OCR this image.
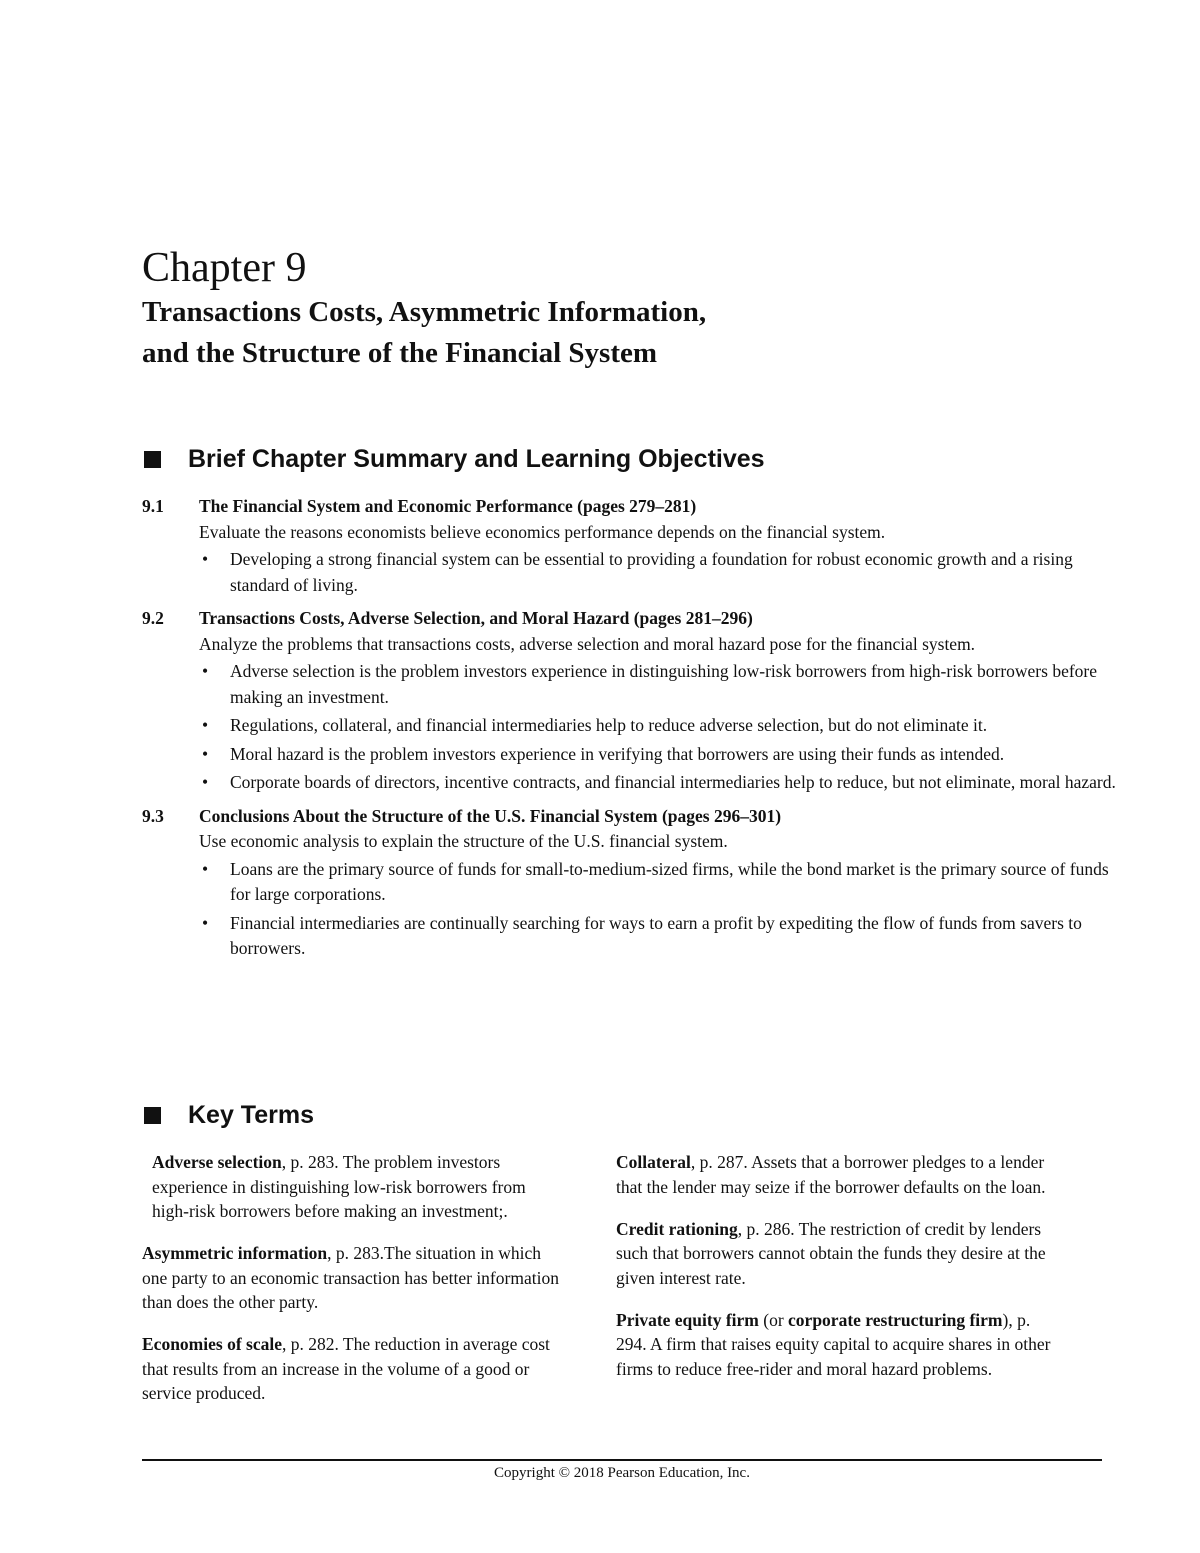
Chapter 9
Transactions Costs, Asymmetric Information,
and the Structure of the Financial System
Brief Chapter Summary and Learning Objectives
9.1 The Financial System and Economic Performance (pages 279–281)
Evaluate the reasons economists believe economics performance depends on the financial system.
• Developing a strong financial system can be essential to providing a foundation for robust economic growth and a rising standard of living.
9.2 Transactions Costs, Adverse Selection, and Moral Hazard (pages 281–296)
Analyze the problems that transactions costs, adverse selection and moral hazard pose for the financial system.
• Adverse selection is the problem investors experience in distinguishing low-risk borrowers from high-risk borrowers before making an investment.
• Regulations, collateral, and financial intermediaries help to reduce adverse selection, but do not eliminate it.
• Moral hazard is the problem investors experience in verifying that borrowers are using their funds as intended.
• Corporate boards of directors, incentive contracts, and financial intermediaries help to reduce, but not eliminate, moral hazard.
9.3 Conclusions About the Structure of the U.S. Financial System (pages 296–301)
Use economic analysis to explain the structure of the U.S. financial system.
• Loans are the primary source of funds for small-to-medium-sized firms, while the bond market is the primary source of funds for large corporations.
• Financial intermediaries are continually searching for ways to earn a profit by expediting the flow of funds from savers to borrowers.
Key Terms

Adverse selection, p. 283. The problem investors experience in distinguishing low-risk borrowers from high-risk borrowers before making an investment;.

Asymmetric information, p. 283.The situation in which one party to an economic transaction has better information than does the other party.

Economies of scale, p. 282. The reduction in average cost that results from an increase in the volume of a good or service produced.

Collateral, p. 287. Assets that a borrower pledges to a lender that the lender may seize if the borrower defaults on the loan.

Credit rationing, p. 286. The restriction of credit by lenders such that borrowers cannot obtain the funds they desire at the given interest rate.

Private equity firm (or corporate restructuring firm), p. 294. A firm that raises equity capital to acquire shares in other firms to reduce free-rider and moral hazard problems.

Copyright © 2018 Pearson Education, Inc.
